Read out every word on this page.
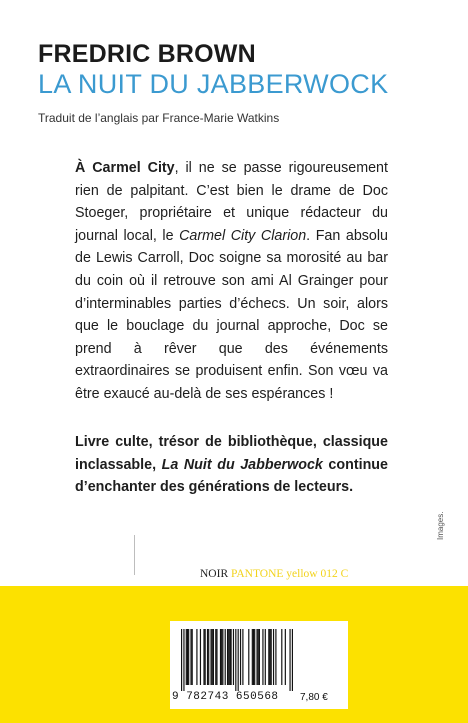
FREDRIC BROWN
LA NUIT DU JABBERWOCK
Traduit de l’anglais par France-Marie Watkins

À Carmel City, il ne se passe rigoureusement rien de palpitant. C’est bien le drame de Doc Stoeger, propriétaire et unique rédacteur du journal local, le Carmel City Clarion. Fan absolu de Lewis Carroll, Doc soigne sa morosité au bar du coin où il retrouve son ami Al Grainger pour d’interminables parties d’échecs. Un soir, alors que le bouclage du journal approche, Doc se prend à rêver que des événements extraordinaires se produisent enfin. Son vœu va être exaucé au-delà de ses espérances !

Livre culte, trésor de bibliothèque, classique inclassable, La Nuit du Jabberwock continue d’enchanter des générations de lecteurs.

NOIR PANTONE yellow 012 C
Images.
9 782743 650568 7,80 €
